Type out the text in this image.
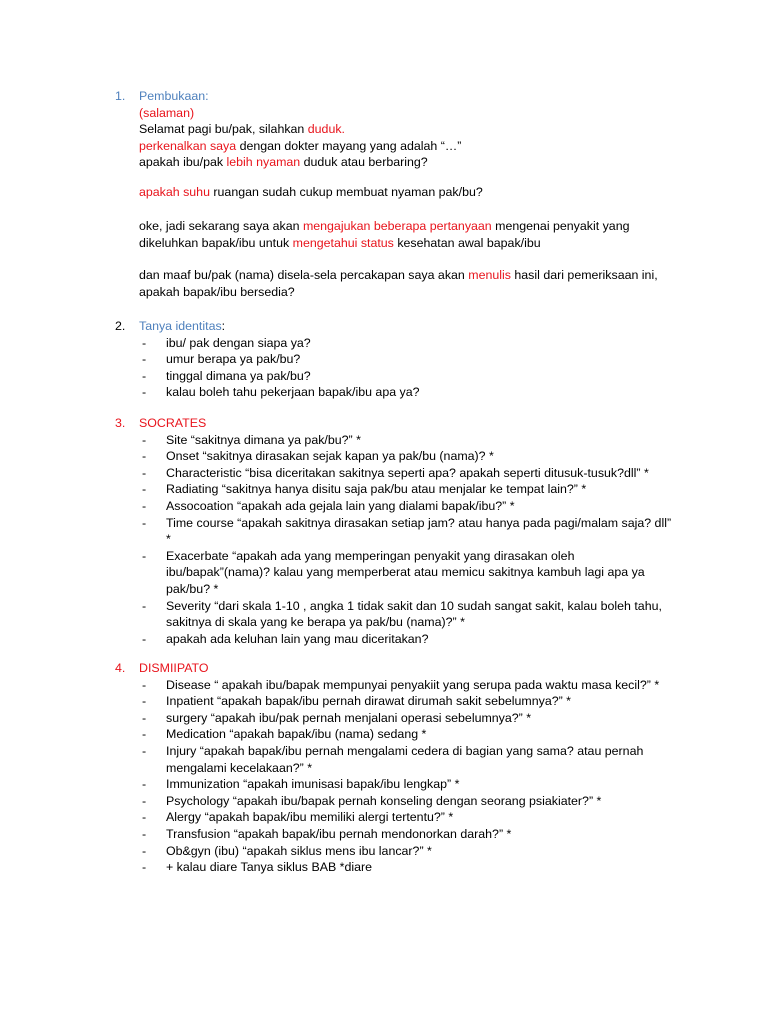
1. Pembukaan:
(salaman)
Selamat pagi bu/pak, silahkan duduk.
perkenalkan saya dengan dokter mayang yang adalah “…”
apakah ibu/pak lebih nyaman duduk atau berbaring?
apakah suhu ruangan sudah cukup membuat nyaman pak/bu?
oke, jadi sekarang saya akan mengajukan beberapa pertanyaan mengenai penyakit yang dikeluhkan bapak/ibu untuk mengetahui status kesehatan awal bapak/ibu
dan maaf bu/pak (nama) disela-sela percakapan saya akan menulis hasil dari pemeriksaan ini, apakah bapak/ibu bersedia?
2. Tanya identitas:
- ibu/ pak dengan siapa ya?
- umur berapa ya pak/bu?
- tinggal dimana ya pak/bu?
- kalau boleh tahu pekerjaan bapak/ibu apa ya?
3. SOCRATES
- Site “sakitnya dimana ya pak/bu?” *
- Onset “sakitnya dirasakan sejak kapan ya pak/bu (nama)? *
- Characteristic “bisa diceritakan sakitnya seperti apa? apakah seperti ditusuk-tusuk?dll” *
- Radiating “sakitnya hanya disitu saja pak/bu atau menjalar ke tempat lain?” *
- Assocoation “apakah ada gejala lain yang dialami bapak/ibu?” *
- Time course “apakah sakitnya dirasakan setiap jam? atau hanya pada pagi/malam saja? dll” *
- Exacerbate “apakah ada yang memperingan penyakit yang dirasakan oleh ibu/bapak”(nama)? kalau yang memperberat atau memicu sakitnya kambuh lagi apa ya pak/bu? *
- Severity “dari skala 1-10 , angka 1 tidak sakit dan 10 sudah sangat sakit, kalau boleh tahu, sakitnya di skala yang ke berapa ya pak/bu (nama)?” *
- apakah ada keluhan lain yang mau diceritakan?
4. DISMIIPATO
- Disease “ apakah ibu/bapak mempunyai penyakiit yang serupa pada waktu masa kecil?” *
- Inpatient “apakah bapak/ibu pernah dirawat dirumah sakit sebelumnya?” *
- surgery “apakah ibu/pak pernah menjalani operasi sebelumnya?” *
- Medication “apakah bapak/ibu (nama) sedang *
- Injury “apakah bapak/ibu pernah mengalami cedera di bagian yang sama? atau pernah mengalami kecelakaan?” *
- Immunization “apakah imunisasi bapak/ibu lengkap” *
- Psychology “apakah ibu/bapak pernah konseling dengan seorang psiakiater?” *
- Alergy “apakah bapak/ibu memiliki alergi tertentu?” *
- Transfusion “apakah bapak/ibu pernah mendonorkan darah?” *
- Ob&gyn (ibu) “apakah siklus mens ibu lancar?” *
- + kalau diare Tanya siklus BAB *diare
